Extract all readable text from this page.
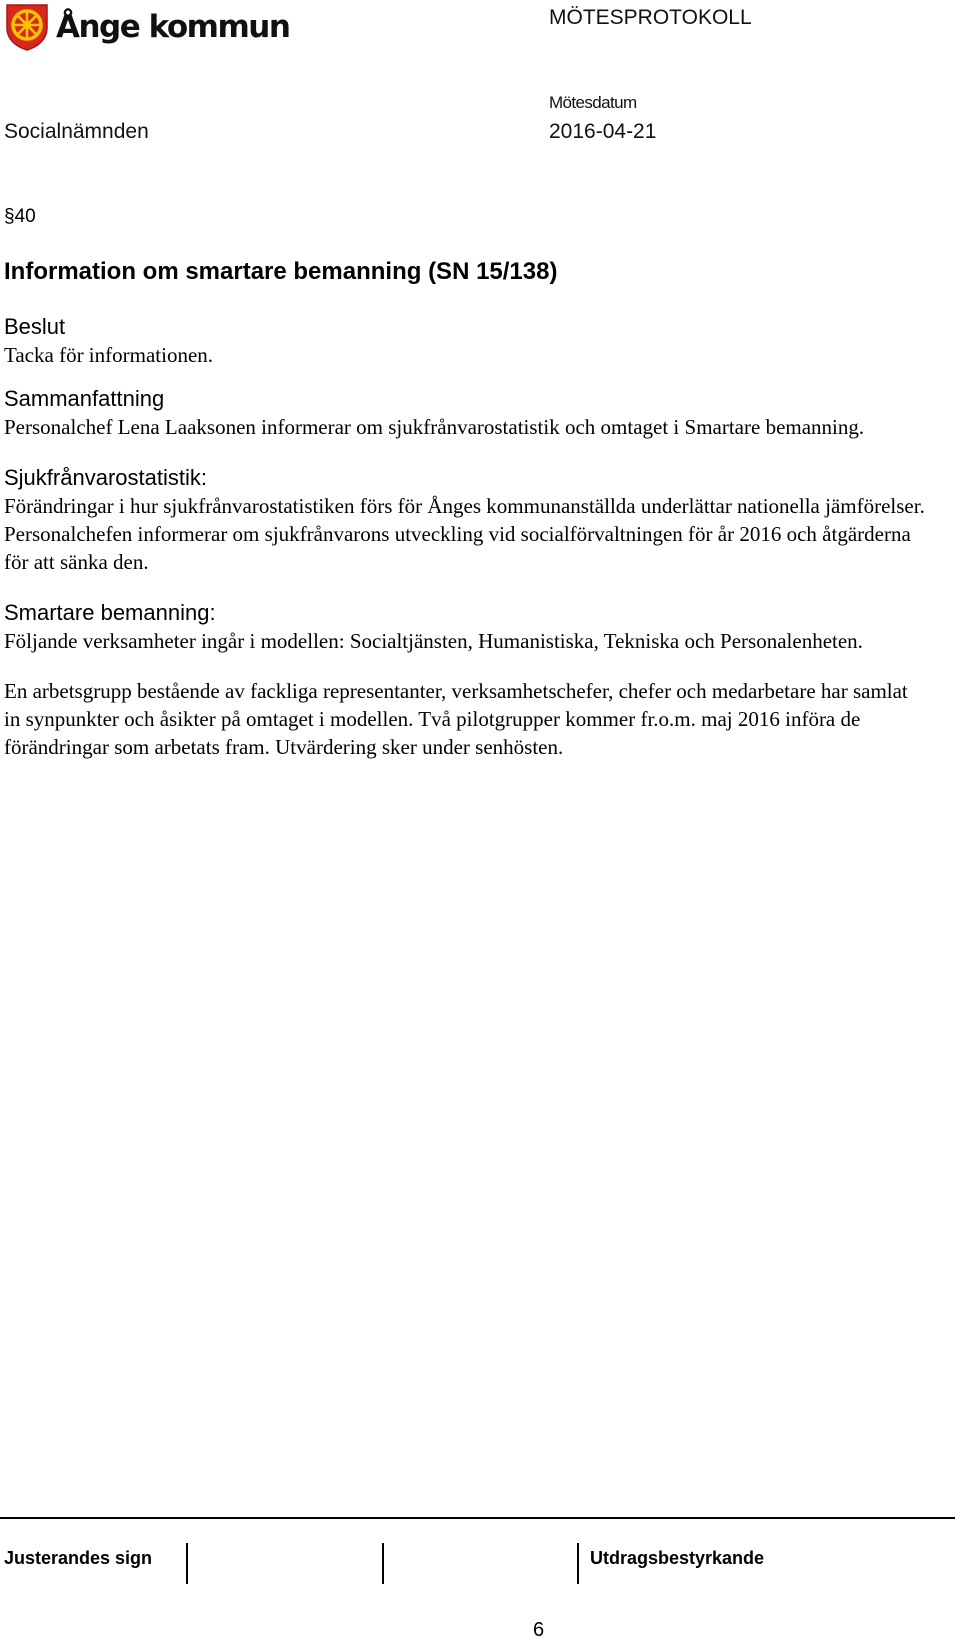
Ånge kommun	MÖTESPROTOKOLL
Mötesdatum
Socialnämnden	2016-04-21
§40
Information om smartare bemanning (SN 15/138)

Beslut

Tacka för informationen.

Sammanfattning

Personalchef Lena Laaksonen informerar om sjukfrånvarostatistik och omtaget i Smartare bemanning.

Sjukfrånvarostatistik:

Förändringar i hur sjukfrånvarostatistiken förs för Ånges kommunanställda underlättar nationella jämförelser. Personalchefen informerar om sjukfrånvarons utveckling vid socialförvaltningen för år 2016 och åtgärderna för att sänka den.

Smartare bemanning:

Följande verksamheter ingår i modellen: Socialtjänsten, Humanistiska, Tekniska och Personalenheten.

En arbetsgrupp bestående av fackliga representanter, verksamhetschefer, chefer och medarbetare har samlat in synpunkter och åsikter på omtaget i modellen. Två pilotgrupper kommer fr.o.m. maj 2016 införa de förändringar som arbetats fram. Utvärdering sker under senhösten.

Justerandes sign	Utdragsbestyrkande
6
